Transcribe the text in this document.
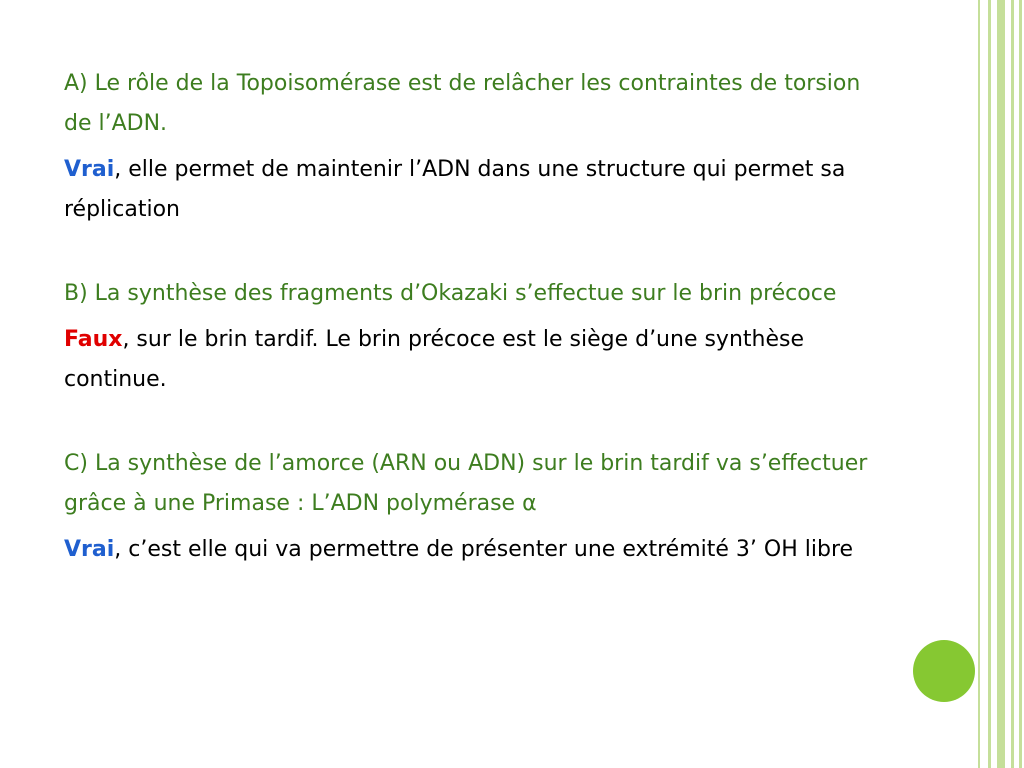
A) Le rôle de la Topoisomérase est de relâcher les contraintes de torsion de l’ADN.

Vrai, elle permet de maintenir l’ADN dans une structure qui permet sa réplication

B) La synthèse des fragments d’Okazaki s’effectue sur le brin précoce

Faux, sur le brin tardif. Le brin précoce est le siège d’une synthèse continue.

C) La synthèse de l’amorce (ARN ou ADN) sur le brin tardif va s’effectuer grâce à une Primase : L’ADN polymérase α

Vrai, c’est elle qui va permettre de présenter une extrémité 3’ OH libre
